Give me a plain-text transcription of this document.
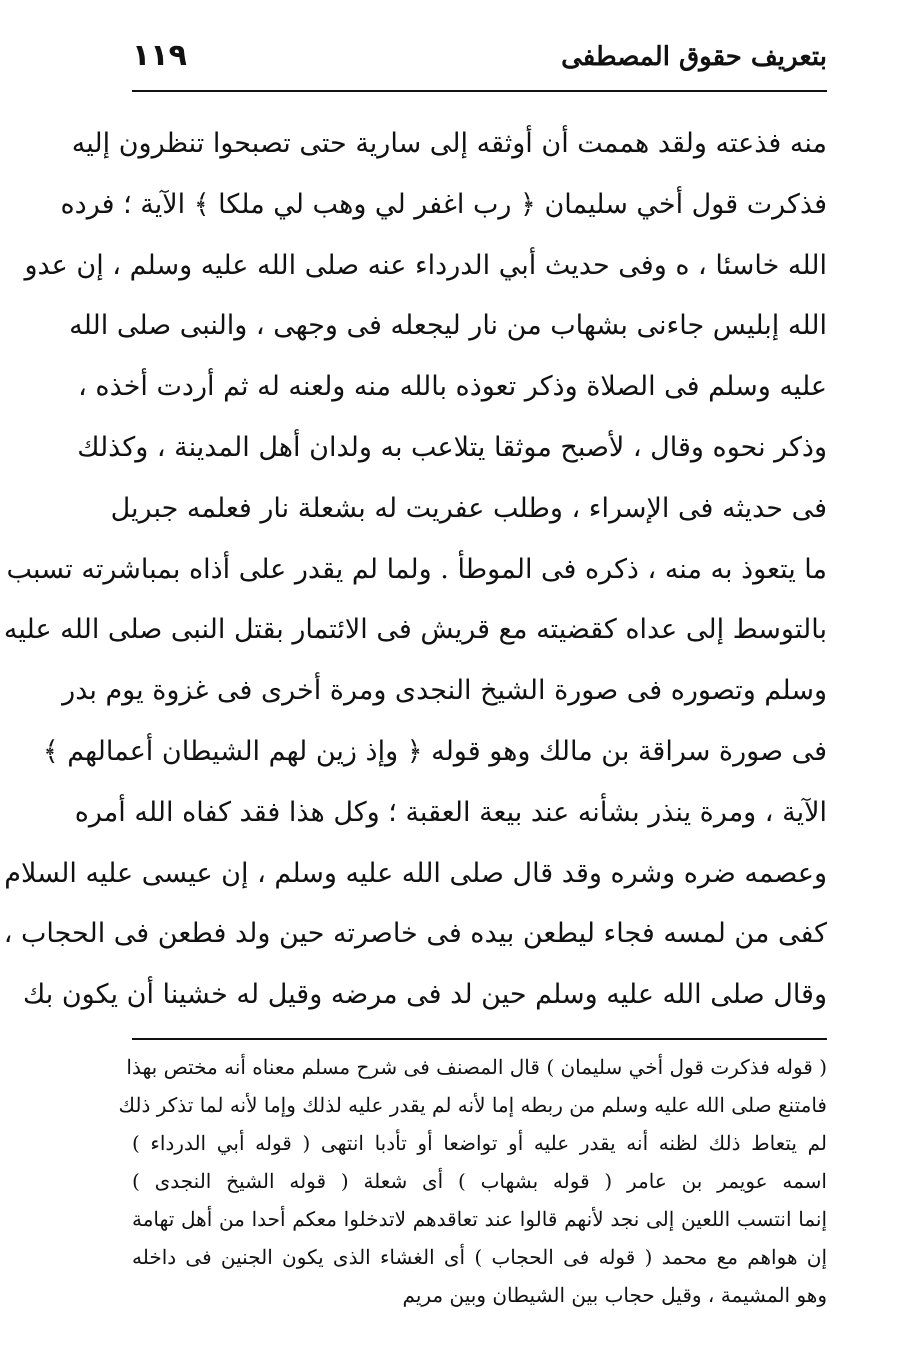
بتعريف حقوق المصطفى
١١٩
منه فذعته ولقد هممت أن أوثقه إلى سارية حتى تصبحوا تنظرون إليه
فذكرت قول أخي سليمان ﴿ رب اغفر لي وهب لي ملكا ﴾ الآية ؛ فرده
الله خاسئا ، ه وفى حديث أبي الدرداء عنه صلى الله عليه وسلم ، إن عدو
الله إبليس جاءنى بشهاب من نار ليجعله فى وجهى ، والنبى صلى الله
عليه وسلم فى الصلاة وذكر تعوذه بالله منه ولعنه له ثم أردت أخذه ،
وذكر نحوه وقال ، لأصبح موثقا يتلاعب به ولدان أهل المدينة ، وكذلك
فى حديثه فى الإسراء ، وطلب عفريت له بشعلة نار فعلمه جبريل
ما يتعوذ به منه ، ذكره فى الموطأ . ولما لم يقدر على أذاه بمباشرته تسبب
بالتوسط إلى عداه كقضيته مع قريش فى الائتمار بقتل النبى صلى الله عليه
وسلم وتصوره فى صورة الشيخ النجدى ومرة أخرى فى غزوة يوم بدر
فى صورة سراقة بن مالك وهو قوله ﴿ وإذ زين لهم الشيطان أعمالهم ﴾
الآية ، ومرة ينذر بشأنه عند بيعة العقبة ؛ وكل هذا فقد كفاه الله أمره
وعصمه ضره وشره وقد قال صلى الله عليه وسلم ، إن عيسى عليه السلام
كفى من لمسه فجاء ليطعن بيده فى خاصرته حين ولد فطعن فى الحجاب ،
وقال صلى الله عليه وسلم حين لد فى مرضه وقيل له خشينا أن يكون بك
( قوله فذكرت قول أخي سليمان ) قال المصنف فى شرح مسلم معناه أنه مختص بهذا
فامتنع صلى الله عليه وسلم من ربطه إما لأنه لم يقدر عليه لذلك وإما لأنه لما تذكر ذلك
لم يتعاط ذلك لظنه أنه يقدر عليه أو تواضعا أو تأدبا انتهى ( قوله أبي الدرداء )
اسمه عويمر بن عامر ( قوله بشهاب ) أى شعلة ( قوله الشيخ النجدى )
إنما انتسب اللعين إلى نجد لأنهم قالوا عند تعاقدهم لاتدخلوا معكم أحدا من أهل تهامة
إن هواهم مع محمد ( قوله فى الحجاب ) أى الغشاء الذى يكون الجنين فى داخله
وهو المشيمة ، وقيل حجاب بين الشيطان وبين مريم
